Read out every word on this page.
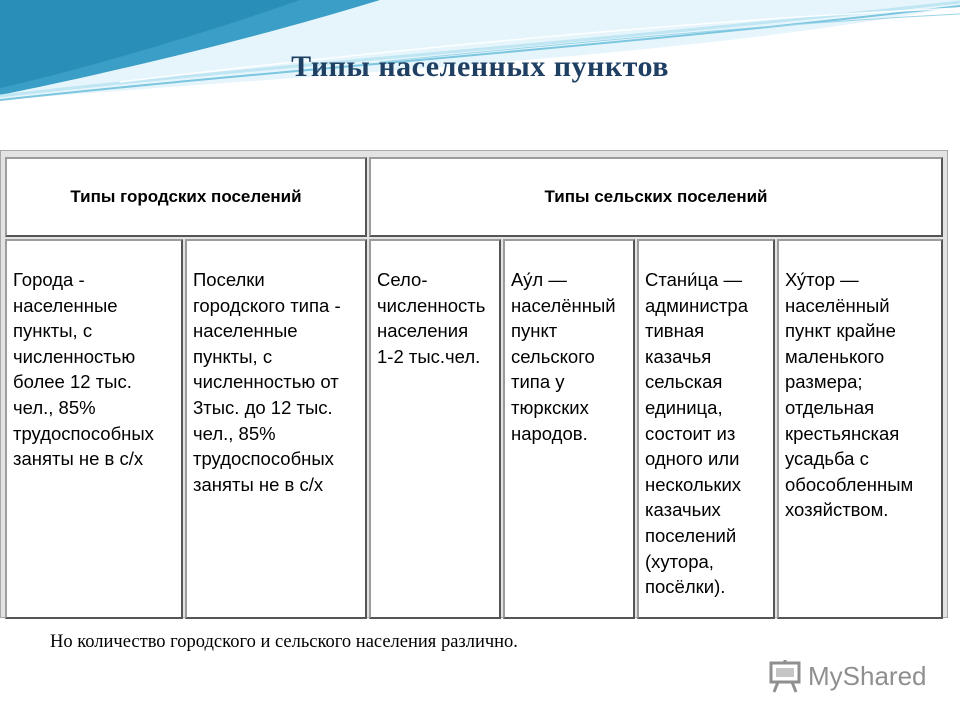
Типы населенных пунктов
Типы городских поселений	Типы сельских поселений
Города -
населенные
пункты, с
численностью
более 12 тыс.
чел., 85%
трудоспособных
заняты не в с/х
Поселки
городского типа -
населенные
пункты, с
численностью от
3тыс. до 12 тыс.
чел., 85%
трудоспособных
заняты не в с/х
Село-
численность
населения
1-2 тыс.чел.
Ау́л —
населённый
пункт
сельского
типа у
тюркских
народов.
Стани́ца —
администра
тивная
казачья
сельская
единица,
состоит из
одного или
нескольких
казачьих
поселений
(хутора,
посёлки).
Ху́тор —
населённый
пункт крайне
маленького
размера;
отдельная
крестьянская
усадьба с
обособленным
хозяйством.

Но количество городского и сельского населения различно.

MyShared
